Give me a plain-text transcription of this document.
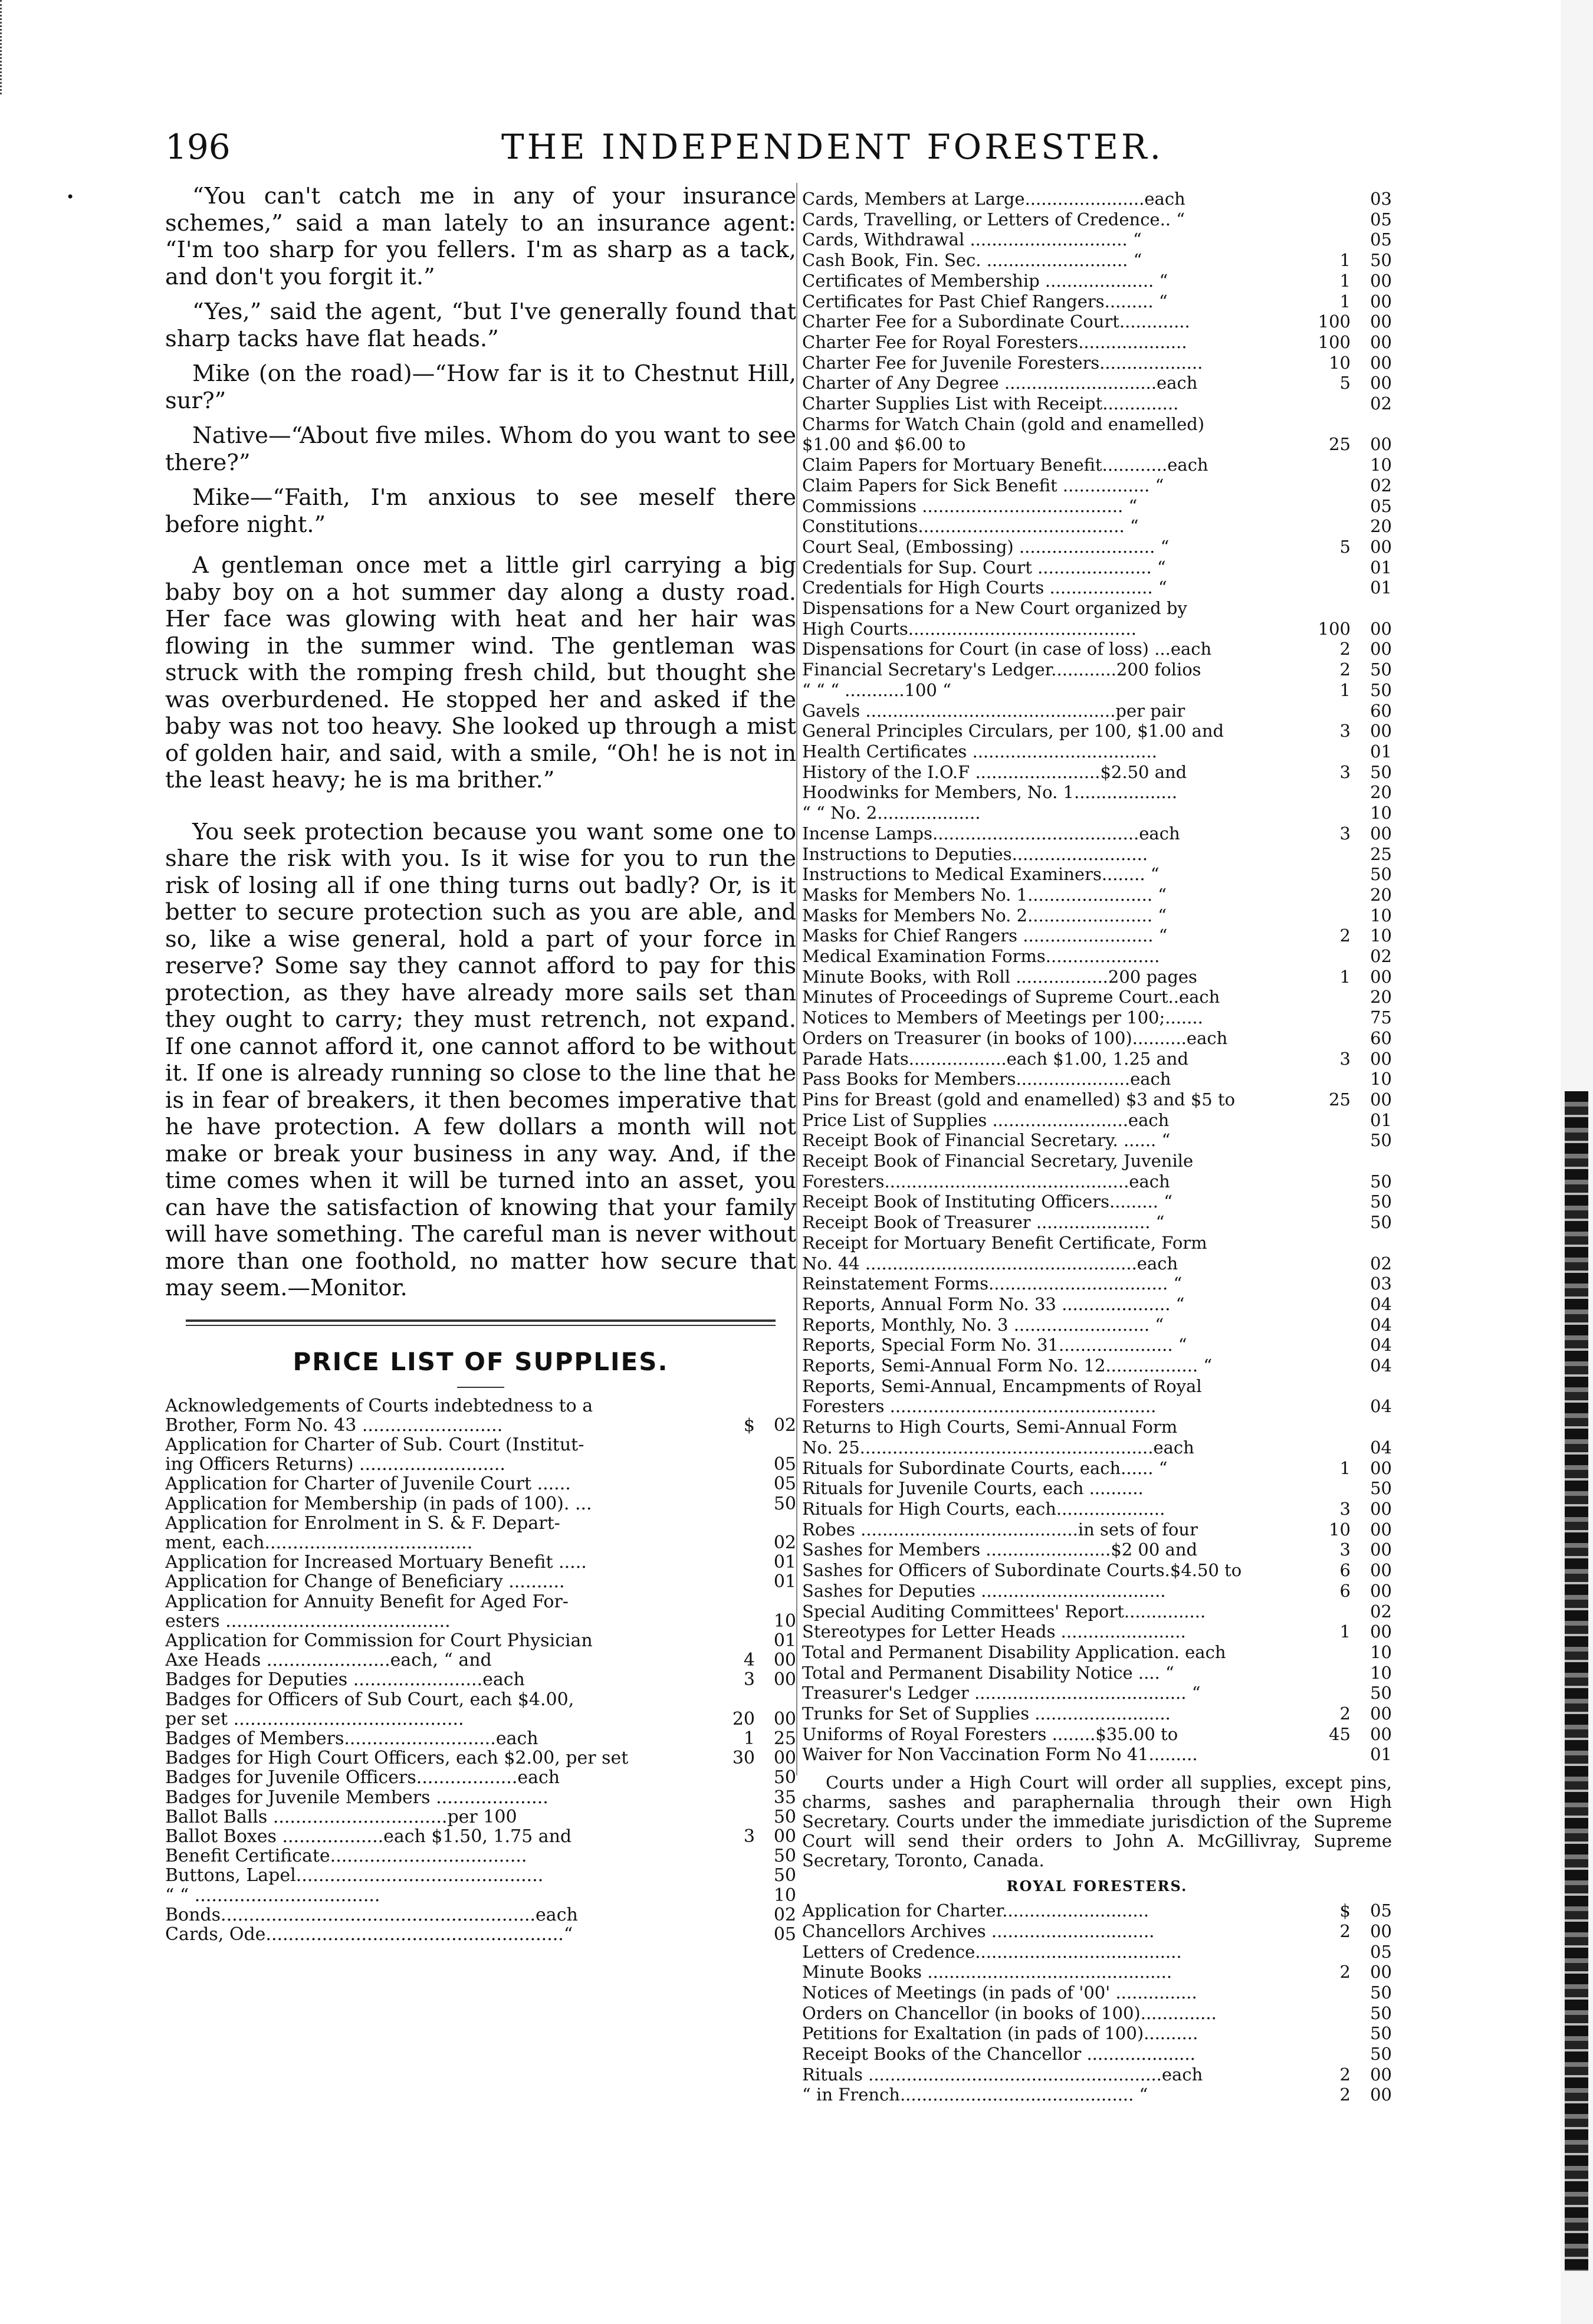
196	THE INDEPENDENT FORESTER.
•	“You can't catch me in any of your insurance schemes,” said a man lately to an insurance agent: “I'm too sharp for you fellers. I'm as sharp as a tack, and don't you forgit it.”

“Yes,” said the agent, “but I've generally found that sharp tacks have flat heads.”

Mike (on the road)—“How far is it to Chestnut Hill, sur?”

Native—“About five miles. Whom do you want to see there?”

Mike—“Faith, I'm anxious to see meself there before night.”

A gentleman once met a little girl carrying a big baby boy on a hot summer day along a dusty road. Her face was glowing with heat and her hair was flowing in the summer wind. The gentleman was struck with the romping fresh child, but thought she was overburdened. He stopped her and asked if the baby was not too heavy. She looked up through a mist of golden hair, and said, with a smile, “Oh! he is not in the least heavy; he is ma brither.”

You seek protection because you want some one to share the risk with you. Is it wise for you to run the risk of losing all if one thing turns out badly? Or, is it better to secure protection such as you are able, and so, like a wise general, hold a part of your force in reserve? Some say they cannot afford to pay for this protection, as they have already more sails set than they ought to carry; they must retrench, not expand. If one cannot afford it, one cannot afford to be without it. If one is already running so close to the line that he is in fear of breakers, it then becomes imperative that he have protection. A few dollars a month will not make or break your business in any way. And, if the time comes when it will be turned into an asset, you can have the satisfaction of knowing that your family will have something. The careful man is never without more than one foothold, no matter how secure that may seem.—Monitor.

PRICE LIST OF SUPPLIES.
Acknowledgements of Courts indebtedness to a
Brother, Form No. 43 .........................	$	02
Application for Charter of Sub. Court (Institut-
ing Officers Returns) ..........................	05
Application for Charter of Juvenile Court ......	05
Application for Membership (in pads of 100). ...	50
Application for Enrolment in S. & F. Depart-
ment, each.....................................	02
Application for Increased Mortuary Benefit .....	01
Application for Change of Beneficiary ..........	01
Application for Annuity Benefit for Aged For-
esters ........................................	10
Application for Commission for Court Physician	01
Axe Heads ......................each, “ and	4	00
Badges for Deputies .......................each	3	00
Badges for Officers of Sub Court, each $4.00,
per set .........................................	20	00
Badges of Members...........................each	1	25
Badges for High Court Officers, each $2.00, per set	30	00
Badges for Juvenile Officers..................each	50
Badges for Juvenile Members ....................	35
Ballot Balls ...............................per 100	50
Ballot Boxes ..................each $1.50, 1.75 and	3	00
Benefit Certificate...................................	50
Buttons, Lapel............................................	50
“ “ .................................	10
Bonds........................................................each	02
Cards, Ode.....................................................“	05
Cards, Members at Large......................each	03
Cards, Travelling, or Letters of Credence.. “	05
Cards, Withdrawal ............................. “	05
Cash Book, Fin. Sec. .......................... “	1	50
Certificates of Membership .................... “	1	00
Certificates for Past Chief Rangers......... “	1	00
Charter Fee for a Subordinate Court.............	100	00
Charter Fee for Royal Foresters....................	100	00
Charter Fee for Juvenile Foresters...................	10	00
Charter of Any Degree ............................each	5	00
Charter Supplies List with Receipt..............	02
Charms for Watch Chain (gold and enamelled)
$1.00 and $6.00 to	25	00
Claim Papers for Mortuary Benefit............each	10
Claim Papers for Sick Benefit ................ “	02
Commissions ..................................... “	05
Constitutions...................................... “	20
Court Seal, (Embossing) ......................... “	5	00
Credentials for Sup. Court ..................... “	01
Credentials for High Courts ................... “	01
Dispensations for a New Court organized by
High Courts..........................................	100	00
Dispensations for Court (in case of loss) ...each	2	00
Financial Secretary's Ledger............200 folios	2	50
“ “ “ ...........100 “	1	50
Gavels ..............................................per pair	60
General Principles Circulars, per 100, $1.00 and	3	00
Health Certificates ..................................	01
History of the I.O.F .......................$2.50 and	3	50
Hoodwinks for Members, No. 1...................	20
“ “ No. 2...................	10
Incense Lamps......................................each	3	00
Instructions to Deputies.........................	25
Instructions to Medical Examiners........ “	50
Masks for Members No. 1....................... “	20
Masks for Members No. 2....................... “	10
Masks for Chief Rangers ........................ “	2	10
Medical Examination Forms.....................	02
Minute Books, with Roll .................200 pages	1	00
Minutes of Proceedings of Supreme Court..each	20
Notices to Members of Meetings per 100;.......	75
Orders on Treasurer (in books of 100)..........each	60
Parade Hats..................each $1.00, 1.25 and	3	00
Pass Books for Members.....................each	10
Pins for Breast (gold and enamelled) $3 and $5 to	25	00
Price List of Supplies .........................each	01
Receipt Book of Financial Secretary. ...... “	50
Receipt Book of Financial Secretary, Juvenile
Foresters.............................................each	50
Receipt Book of Instituting Officers......... “	50
Receipt Book of Treasurer ..................... “	50
Receipt for Mortuary Benefit Certificate, Form
No. 44 ..................................................each	02
Reinstatement Forms................................. “	03
Reports, Annual Form No. 33 .................... “	04
Reports, Monthly, No. 3 ......................... “	04
Reports, Special Form No. 31..................... “	04
Reports, Semi-Annual Form No. 12................. “	04
Reports, Semi-Annual, Encampments of Royal
Foresters .................................................	04
Returns to High Courts, Semi-Annual Form
No. 25......................................................each	04
Rituals for Subordinate Courts, each...... “	1	00
Rituals for Juvenile Courts, each ..........	50
Rituals for High Courts, each....................	3	00
Robes ........................................in sets of four	10	00
Sashes for Members .......................$2 00 and	3	00
Sashes for Officers of Subordinate Courts.$4.50 to	6	00
Sashes for Deputies ..................................	6	00
Special Auditing Committees' Report...............	02
Stereotypes for Letter Heads .......................	1	00
Total and Permanent Disability Application. each	10
Total and Permanent Disability Notice .... “	10
Treasurer's Ledger ....................................... “	50
Trunks for Set of Supplies .........................	2	00
Uniforms of Royal Foresters ........$35.00 to	45	00
Waiver for Non Vaccination Form No 41.........	01

Courts under a High Court will order all supplies, except pins, charms, sashes and paraphernalia through their own High Secretary. Courts under the immediate jurisdiction of the Supreme Court will send their orders to John A. McGillivray, Supreme Secretary, Toronto, Canada.

ROYAL FORESTERS.
Application for Charter...........................	$	05
Chancellors Archives ..............................	2	00
Letters of Credence......................................	05
Minute Books .............................................	2	00
Notices of Meetings (in pads of '00' ...............	50
Orders on Chancellor (in books of 100)..............	50
Petitions for Exaltation (in pads of 100)..........	50
Receipt Books of the Chancellor ....................	50
Rituals ......................................................each	2	00
“ in French........................................... “	2	00
